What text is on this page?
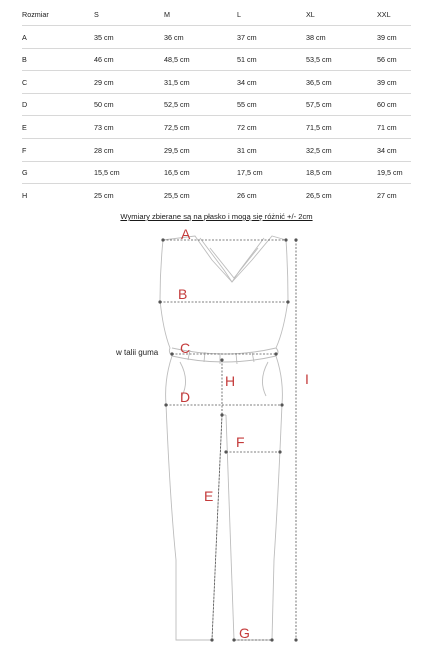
Rozmiar	S	M	L	XL	XXL
A	35 cm	36 cm	37 cm	38 cm	39 cm
B	46 cm	48,5 cm	51 cm	53,5 cm	56 cm
C	29 cm	31,5 cm	34 cm	36,5 cm	39 cm
D	50 cm	52,5 cm	55 cm	57,5 cm	60 cm
E	73 cm	72,5 cm	72 cm	71,5 cm	71 cm
F	28 cm	29,5 cm	31 cm	32,5 cm	34 cm
G	15,5 cm	16,5 cm	17,5 cm	18,5 cm	19,5 cm
H	25 cm	25,5 cm	26 cm	26,5 cm	27 cm
Wymiary zbierane są na płasko i mogą się różnić +/- 2cm
A
B
C
D
H
E
F
G
I
w talii guma
